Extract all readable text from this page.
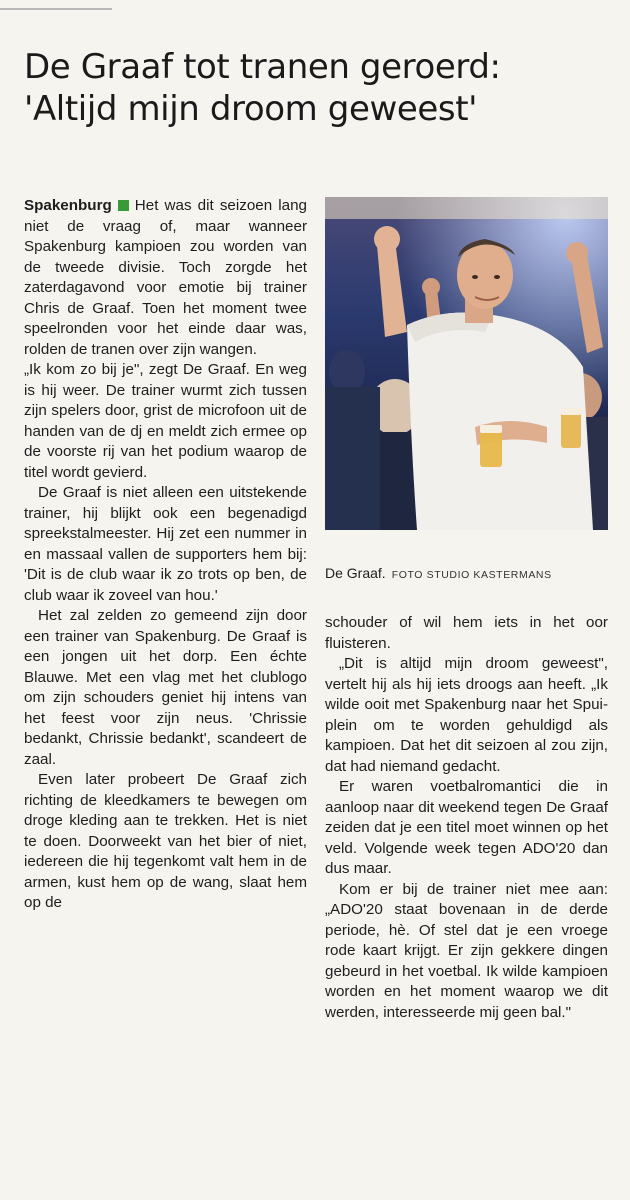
De Graaf tot tranen geroerd:
'Altijd mijn droom geweest'

Spakenburg Het was dit seizoen lang niet de vraag of, maar wanneer Spakenburg kampioen zou worden van de tweede divisie. Toch zorgde het zaterdagavond voor emotie bij trainer Chris de Graaf. Toen het moment twee speelronden voor het einde daar was, rolden de tranen over zijn wangen.

„Ik kom zo bij je", zegt De Graaf. En weg is hij weer. De trainer wurmt zich tussen zijn spelers door, grist de microfoon uit de handen van de dj en meldt zich ermee op de voorste rij van het podium waarop de titel wordt gevierd.

De Graaf is niet alleen een uitstekende trainer, hij blijkt ook een begenadigd spreekstalmeester. Hij zet een nummer in en massaal vallen de supporters hem bij: 'Dit is de club waar ik zo trots op ben, de club waar ik zoveel van hou.'

Het zal zelden zo gemeend zijn door een trainer van Spakenburg. De Graaf is een jongen uit het dorp. Een échte Blauwe. Met een vlag met het clublogo om zijn schouders geniet hij intens van het feest voor zijn neus. 'Chrissie bedankt, Chrissie bedankt', scandeert de zaal.

Even later probeert De Graaf zich richting de kleedkamers te bewegen om droge kleding aan te trekken. Het is niet te doen. Doorweekt van het bier of niet, iedereen die hij tegenkomt valt hem in de armen, kust hem op de wang, slaat hem op de

De Graaf. FOTO STUDIO KASTERMANS

schouder of wil hem iets in het oor fluisteren.

„Dit is altijd mijn droom geweest", vertelt hij als hij iets droogs aan heeft. „Ik wilde ooit met Spakenburg naar het Spuiplein om te worden gehuldigd als kampioen. Dat het dit seizoen al zou zijn, dat had niemand gedacht.

Er waren voetbalromantici die in aanloop naar dit weekend tegen De Graaf zeiden dat je een titel moet winnen op het veld. Volgende week tegen ADO'20 dan dus maar.

Kom er bij de trainer niet mee aan: „ADO'20 staat bovenaan in de derde periode, hè. Of stel dat je een vroege rode kaart krijgt. Er zijn gekkere dingen gebeurd in het voetbal. Ik wilde kampioen worden en het moment waarop we dit werden, interesseerde mij geen bal."
